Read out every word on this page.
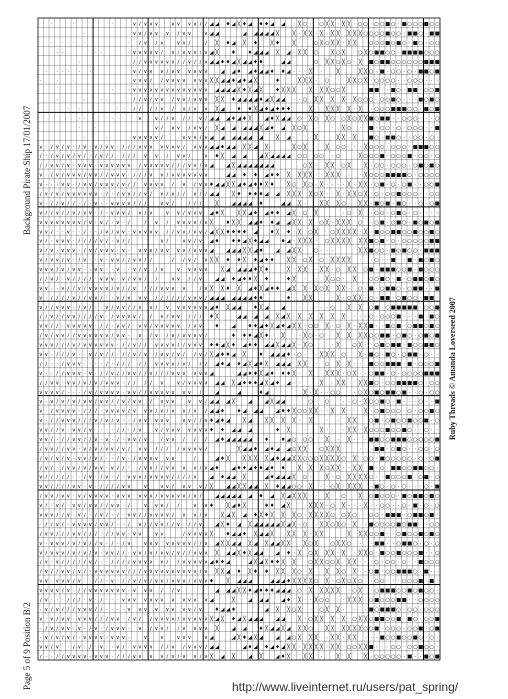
·	·	·	∨ ∕ ∨ ∨ ∨ ∨ ∨ ∨ ∨ ∕ ∕ ◢ ◢ ♦ ◢ ╳ ♦ ◢ ♦ ♦ ◢ ◢ · ╳ ○ · ○ ╳ ╳ · ╳ ╳ · ○ ○ · ○ ○ ■ ○ · ■ ○ ○ ○ ■ ○ ○
·	∨ ∨ ∕ ∨ ∨ ∨ ∕ ∨ ∨ ∨ ◢ ◢	◢ ◢ ◢ ◢ ◢ ╳	╳ · ╳ ╳ · ╳ · ╳ ╳ ╳ ╳ ╳ ○ ○ ○ ○ ■ ○ ○ · ■ ■ ○ · ■ ■
· · · · ·	· ∕ ∨ ∕ ∨ ∨ ∨ ∕	∕ ╳ ♦ ◢ ╳ ♦ ╳ ♦ ╳ · · ○ ╳ ○ ╳ ╳ · ╳ ╳ · ○ ○ ○ ■ ○ ■ ○ · ■ ○ · ○ ○
· ·	· ·	· ∨ ∨ ∨ ∨ ∨ ∕ ∨ ∕ ∨ ∨ ∨ ∕ ∨ ◢ ╳ ♦ ♦ ◢ ◢ ◢ ╳ ◢ · ╳ ╳ ○ ╳ ○ ╳ ○ ╳ ○ ■ ■ ○ ○ · ■ ■ ■ ■ ○ ○ ○
·	·	∕ ∕ ∨ ∨ ∨ ∨ ∨ ∨ ∕ ∕ ∨ ∕ ∕ ∨ ◢ ◢ ♦ ♦ ◢ ╳ ◢ ◢ ♦ ♦	◢ ◢	○ ╳ ╳ ○ ╳ ○ · ╳ ■ ○ ■ ■ ○ ○ ○ ○ ○ ○ ■ ■ ■
· · · · · ·	∨ ∕ ∨ ∨ ∨ ∕ ∨ ∨ ∨ ∨ ∨ ∨ ◢ ◢ ♦ ◢ ♦ ◢ ◢ ♦ ♦ ◢ · · · ╳ ·	╳	╳ ╳ ○ · ■ · ○ ○ · ○ · ■ ■ ○ ■
·	·	·	∨ ∨ ∨ ∕ ∕ ∨ ∨ ∨ ∨ ∨ ∨ ∨ ╳ ╳ ◢ ◢ ♦ ◢ ♦ ◢ ╳	♦	╳ ╳ ╳ · ○	╳ ╳ ○ ╳ · ○ ○ ○ ○ · · ○ ○ ○ · · ·
·	· ∨ ∨ ∨ ∨ ∨ ∨ ∨ ∨ ∨ ∨ ∨ ∨ ∨ ∨ ◢ ◢ ◢ ◢ ╳ ♦ ╳ ◢ ╳ ♦ ╳ ╳ ╳ · ╳ · ╳ ╳ ○ ○ ╳	· ■ ■ · · ■ ○ · ■ ■ · ○ ○ ■
·	·	· ·	∕ ∕ ∨ ∕ ∨ ∨ ∕ ∨ ∨ ∕ ∨ ∨ ∨ ╳ ╳ ♦ ◢ ◢ ◢ ◢ ♦ ◢ ╳ ◢ ◢ · · ○ ╳ ╳ ╳ ╳ · ╳ ○ ○ ○ · ○ ○ ■ ○ · · · ■ ○ ■ ○
· ·	· · ∕ ∕ ∕ ∕ ∨ ∕ ∨ ∕ ∨ ∨ ╳ ◢ ♦ ♦ ╳ ◢ ♦ ◢ ♦ ♦ ♦	╳	╳ ╳ ╳ ╳ · ╳ · ○ ○ ○ ■ ■ ■ ○ ○ · ■ ○ ■
· ·	·	∨ ∨ ∕ ∕ ∨ ∕ ∕ ∨ ∕ ◢ ◢ ◢ ♦ ◢ ♦ ╳ ◢ ♦ ╳ ◢ ◢ · ○ · ╳ ○ ╳ ○ ○ ╳ ○ ╳ ╳ ■ ○ ■ ■ · · ○ ○ ○ · · · ○
·	·	∨ ∕ ∨ ∨ ∕ ∨ ∨ ∕ ╳ ◢ ◢ ◢ ◢ ◢ ╳ ◢ ♦ ◢ ╳ ○ ╳ ·	· ╳ ○ · ■ · ○ ○ · ○ · ○ ○ ○ · · ■
·	·	∨ ∨ ∨ ∨ ∨ ∕	∨ ∨ ∨ ∕ ∨ ◢ ◢ ◢ ◢ ◢ ◢ ◢ ╳ ◢ ·	· ╳	╳ ╳ · ╳ ■ ○ · ■ ■ ○ · · ○ ○ · ○ ·
∨ · ∕ ∨ ∕ ∨ · ∕ ∨ · ∨ ∕ ∨ ∨ · ∕ ∕ ∕ ∨ ∨ ∨ ∨ ∨ ∨ ∨ ∕ ∨ ∨ ∨ ◢ ◢ ♦ ◢ ◢ ╳ ╳ ◢ ╳	╳ ○ ╳ · ╳ ○ ○ · · ╳ ○ ○ ○ · ○ ○ ○ · ■ ■ ■ ○ ○
∕ · ∕ ∨ ∕ ∨ ∕ ∨ ∕ · ∕ ∨ ∕ ∕ · ∕ ∕ ∕ ∨ ∨ ∕ ∨ ∨ ∕	∨ ♦ ╳ ◢ ◢ ◢ ╳ ◢ ◢ ◢ ◢ ○ ○ ○ ○ · ○	╳ ○ ○ ○ ■ · ○ ○ ○ ■ · ○ ○ · ○
∕ ∕ ∨ ∨ ∕ ∨ · ∨ ∨ ∨ · ∨ ∨ ∨ ∨ ∨ ∨ ∕ ∨ ∨ ∨ ∨ ∨ ∕ ∕ ∕ ∨ ∨ ∕ ∨ ◢ ◢ ╳ ◢ ◢ ◢ ◢ ◢ ◢ ◢	○ ╳ · ╳ ╳ ○ ╳	╳ · ○ ○ · ○ ○ ○ · ○ ■ ○ ■ ○
∨ · ∕ ∨ ∕ ∨ ∨ ∨ ∕ ∨ ∨ ∕ ∕ ∨ ∨ ∨ · ∕ ∕ ∕ ∨ ∨ ∕ ∨ ∨ ∨ ∨ ∨ ∨ ∨	◢ ◢ ♦ ♦ ◢ ♦ ♦ ╳ ╳ ╳ ╳ · · ╳ ╳ ╳ · · ╳ ○ ○ ○ ■ ■ ■ ■ ○ · ○ ○ ○ ○
∨ · · · ∨ ∨ · ∕ ∨ ∨ ∕ ∨ ∨ ∨ ∕ ∨ ∕ ∕ ∨ ∨ ∨ ∨ ∕ ∨ ∕ ∨ ∨ ♦ ◢ ◢ ╳ ╳ ◢ ♦ ◢ ♦ ♦ ╳ ♦ ╳ ○ ╳ ○ · ╳ · · · · ╳ · ╳ ╳ · ○ ■ · ○ · ○ ■ · · ○ ○ ■
∕ ∨ ∕ ∨ ∕ ∨ ∨ ∨ ∨ ∨ ∨ · ∕ · ∕ ∨ ∨ ∕ ∕ ∨ ∕ ∨ ∕ ∨ ∕ ∕ ∨ ∕ ∕ ◢ ◢ ╳ ♦ ♦ ♦ ♦ ◢ ◢ ╳ ╳ ╳ · ╳ ○ ╳ · · ╳ · ╳ ╳ ○ ╳ · ○ · ○ ○ ■ ○ ○ ○ · · ○ ○
∨ · ∕ ∕ ∨ ∕ ∕ · ∕ · ∨ · · ∨ ∨ ∨ ∨ ∕ ∕ ∕	∨ ∨ ∕	∕ ∕ ∕	╳ ◢ ◢ ◢ ◢ ♦	◢ ◢ ╳ ·	╳ ╳ ╳ ○ · ╳ ╳ · ■ ○ ■ · ■ ○ · · ○ · ○ ■
∨ ∕ ∕ ∨ ∕ ∕ ∨ ∕ ∨ ∨ · ∕ · ∨ ∨ ∨ ∕ ∨ ∕ ∨ ∨ ∨ ∕ ∨ ∨ ∨ ◢ ♦ ╳	╳ ╳ ◢ ♦ ◢ ♦ ♦ ◢ ╳ · ○ ╳	· ○ ╳ · ○ ○ · ○ ■ ○ · ○ · · · ·
∨ ∨ ∨ ∨ ∨ ∨ ∨ ∨ ∕ ∨ · ∨ ∕ · ∨ · ∕	∕ ∨ ∕ ∨ ∨ ∨ ∨ ∕ ∨ ╳ ♦ ╳ ╳ ◢ ◢ ♦ ♦ ◢ ◢ ╳ ╳ ╳ ○ ╳ · ╳ ╳ ╳ ○ · ○ ■ · ○ ■ ○ · ■ ○ ■ ○ ■
∨ ∨ ∕ · · ∨ · · ∕ · · ∕ ∨ ∕ ∨ ∨ · ∨ ∨ ∨ ∨ ∨ ∕ ∕ ∨ ∨ ∕ ∨ ∨ ∕ ◢ ╳ ╳ ♦ ♦ ♦ ♦ ◢ ♦ ╳ ♦ · ╳ ○ ╳ ○ ╳ ╳ ╳ ╳ · ╳ · ■ ○ ○ ■ ■ ○ ○ ■ ○ ○ ■ ○
∨ ∕ · ∨ ∨ ∨ · ∕ ∕ ∕ ∕ ∨ ∕ · ∨ ∕ ∕	∨ ∕	∨ ∨ ∕ ∨ ◢ ♦ ♦ ♦ ◢ ╳ ♦ ◢ ◢ ♦ ◢ · ╳ ╳ ╳ · ○ ╳ ╳ ╳ ╳ ╳ ╳ ■ ○ ■ · ○ · ○ ○ ○ ○ ○ ■ ■
∨ ∕ ∨ · ∨ ∨ ∨ · ∕ ∨ ∕ ∨ ∨ ∨ · ∨ · ∨ ∨ ∨ ∕ ∨ ∨ ∨ ∨ ∕ ∨ ∨ ∨ ◢ ◢ ◢ ◢ ╳ ╳ ◢ ♦ ◢ ◢ ╳ ╳ ○ · · ·	╳ ╳ ■ ○ ○ · ■ ○ ■ ○ ○ · ■ ■ ■
∨ ∕ ∨ ∨ ∕ ∨ · ∕ ∨ · · ∨ · ∨ ∨ ∕ ∕ ∨ ∨ ∕ ∕	∕ ∕ ∨ ∕ ∨ ╳ ╳ ♦ ♦ ╳ ♦ ◢ ♦ ♦ ╳ ╳ · ○ ╳ ○ · ╳ ╳ ╳ ╳ · · ○ · · ■ · · ■ · ■ ○ ■ ○
∨ ∨ ∨ ∕ ∨ ∕ ∨ ∨ · · ∨ ∨ · · ∨ · · ∨ ∕ ∨ ∕ ∨ ∨ ∨ ∨ ∨ ∨ ╳ ◢ ◢ ◢ ◢ ♦ ╳ ♦	╳ · ╳ ╳ · ╳ ╳ · ○ ╳ ╳ ○ ■ · ■ ■ ■ ○ ○ ■ · ■ ○ ○ ○
∕ ∕ ∨ ∕ · ∨ ∕ ∕ ∕ ∕ · ∨ ∨ ∨ · ∨ ∕ ∨ ∨ ∕ ∕	∨ ∨ ∕ ∕ ∨ ◢ ◢ ♦ ◢ ♦ ♦ ╳ ♦	♦ ╳ · · ╳ ○ ○ · ╳ ○ ○ ■ ○ · ■ · ○ ■ ■ ○ ■ ○
∨ ∨ · · ∨ ∕ ∕ ∨ ∕ ∨ ∨ ∨ ∨ ∕ ∨ ∕ ∕ ∨ ∕ ∕ ∕ ∨ ∨ ∨ ∨	∕ ∨ ╳ ╳ ♦ ╳ ◢ ♦ ╳ ◢ ♦ ♦ ◢ ╳ ╳ · ╳ ○ ╳ ╳ ╳ · ○ · ■ · ○ ■ ■ ○ · ○ ■ ■ · · ■
∨ · ∕ ∕ ∕ ∕ ∨ ∕ ∕ ∨ ∨ ∕ · · ∨ ∕ ∨ ∨ ∨ ∕ ∕ ∕ ∕ ∕ ∕ ∨ ∨ ∨ ∕ ◢ ◢ ◢ ◢ ◢ ◢ ◢ ♦ ♦	♦ ╳ ╳ · · ╳ · ○ ╳ ╳ · ○ · ■ ■ · ○ ■ ○ ○ · ■ ■ ·
∨ ∕ ∕ ∨ ∨ ∨ · ∕ ∨ ∕ · · ∨ ∕ ∨ ∨ ∕ ∕ ∨ ∨ ∕ ∨ ∨ ∨ ∨ ∨ ∨ ∨ ◢ ♦ ╳ ◢ ◢ ♦ ╳ ◢ ◢ · · · · · · ○ ╳ ╳ ○ ■ · ○ ■ ■ ■ ■ ■ · ○ ○ ■
∕ ∕ ∨ ∕ ∕ ∨ ∨ ∕ ∕ ∕ ∕ ∨ · ∕ ∨ ∨ ∨ ∨ ∕ ∕ ∨ ∕ ∨ ∨ ∕ ∕ ∕ ♦ ╳	◢ ◢ ◢ ◢ ╳ ◢ ╳ · ╳ ╳ ╳ ╳ ╳ · · · ○ · ○ ○ ○ ■ · · · ■ · ■ ○
∨ ∨ ∕ ∕ · ∨ ∨ ∨ ∨ ∨ · ∕ ∕ · ∨ ∨ ∕ ∨ ∨ ∕ ∨ ∨ ∨ ∨ ∨ ∕ ∨ ∨ ♦ ◢ ♦ ♦ ◢ ♦ ╳ ◢ ♦ ◢ ╳ ╳ · ○ ○ ╳ · ○ ╳ · ╳ ╳ ■ · · ■ ○ ■ · ○ ■ ■ ○ ■ ○
∕ ∨ ∕ ∨ ∨ ∕ ∕ ∨ ∨ ∨ ∨ ∨ ∨ ∕ ∨ ∨ · ∨ ∕ ∨ ∕ ∨ ∕ ∨ ∨ ∨ ∨ ∕	♦ ♦ ♦ ◢ ╳ ♦ ╳	· ╳ ○ · ○ ╳ ╳ ╳ ╳ ○ ○ ■ ■ · ○ ■ ○ · ○ ■ ○ ■
∨ ∨ ∨ ∕ ∕ ∕ ∨ ∕ ∨ ∨ ∨ ∨ ∨ ∨ · ∕ ∕ ∨ ∕ ∕ ∨ ∨ ∨ ∨ ∕ ∕ ∨ ∨ ∨ ♦ ♦ ◢ ╳ ♦ ◢ ♦ ♦ ◢ ◢ ╳ ◢ ◢ ╳ · ╳ ○	· ╳ ○ ╳ · · ○ ■ ○ ■ ■ · ■ ○ ○ ■ ■ ○
∨ ∨ · ∕ ∕ ∕ ∨ · · ∨ ∕ ∨ ∕ ∕ · ∕ ∕ ∨ ∕ ∨ ∕ ∨ ∨ ∕ ∨ ∕ ∕ ∨ ∕ ╳ ◢ ♦ ♦ ◢ ╳ ♦ ◢ ◢ ◢ ♦ · ○ · · ╳ ╳ ╳ ○ ╳ · ■ ○ · ■ ○ · ○ ■ ■ · ○ · ·
∕ ∕ · · ∕ ∨ ∨ ∨ · · · · ∕ · ∕ ∕ ∕ ∕ ∕ ∨ ∨ ∨ ∨ ∕ ∨ ∕ ∕ ∕ ◢ ♦ ◢ ♦ ◢ ╳ ◢ ♦ ╳ ◢ ◢ ◢ ╳ ╳ · ○ ╳ ╳ · · ■ ○ ○ ■ ■ ■ · ■ · ○ ○ ○ ■
∨ · · ∕ ∕ ∨ ∨ ∨ · ∨ · ∕ ∕ ∨ ∕ ∕ ∨ ∨ ∕ ∕ ∨ ∕ ∕ ∕ ∨ ∨ ∨ ∨ ∨ ∨ ◢	◢ ◢ ♦ ♦ ╳ ◢ ♦ ♦ ♦ ╳ · ╳	╳ ╳ ╳ · ○ ╳ · · ○ ■ ■ · ○ · ○ ○ ○ ○ ■ ■ ■
∕ ∕ ∨ ∨ · ∨ ∨ ∕ ∨ ∕ ∨ ∕ ∨ ∨ ∨ · ∕ ∕ ∕ ∕ ∨ ∨ ∕ ∨ ∨ ∨ ∨ ◢ ◢ ╳ ◢ ♦ ♦ ♦ ◢ ╳ ◢ ♦ ◢ · ·	╳ · ╳ ╳	╳ ╳ ■ ○ · ○ ○ ■ ■ ■ ■ ○ · ○ ○
∨ ∨ ∨ ∨ ∕ · · · ∕ ∨ ∕ ∨ ∨ ∨ ∨ · ∨ ∨ ∕ ∕ ∨ ∨ ∨ ∨ ∨ ∨ ∨ ∕	◢	◢	♦ ◢	╳ · ╳ · · ○ ○	· ○ ╳ ○ ■ ○ ■ ■ ○ ■ · · ○ · ○ ○
∨ · ∨ ∕ ∨ ∕ ∨ ∕ ∨ ∨ ∕ ∨ ∨ ∕ ∕ ∨ ∕ ∨ ∨ ∕ ∨ ∨ ∨ ∨ ∨ ∕ ◢ ◢ ◢ ╳ ◢ ◢ ╳ ◢ ◢	· ○ · ○	· · ○ · ╳ ○ ○ ■ ○ · ■ · · · ○ · · ■
∨ · ∕ ∨ ∨ ∨ ∨ · ∕ ∕ ∕ · ∨ ∨ ∨ ∨ ∕ ∨ ∨ ∨ ∕ ∨ ∕ ∨ ∨ ∕ ∨ ∕ ◢ ◢ ♦ ♦ ◢ ◢ ◢ ◢ ♦ ♦ ╳ ○ ○ ╳ ╳ · · ╳ ╳ · · ╳ · ○ ■ ○ ○ ○ · ○ · ○ ○ ■ ○
∨ · ∕ ∕ ∨ ∨ ∨ ∕ ∕ ∕ ∨ ∕ ∨ ∕ ∨ · · ∕ ∨ ∨ ∨ ∨ ∨ ∨ ∨ ∕ ∕ ∨ ♦ ◢ ♦ ◢ ╳ ◢ ╳ ╳ ╳ ╳ · ╳	· · ╳ ╳ ○ ■ · ○ ■ ○ ○ ■ ○ ○ ■ · ○
∨ ∨ ∕ ∕ ∨ · ∨ ∨ ∕ ∨ · · · · ∕ ∕ · ∕ ∨ ∨ ∕ ∨ ∨ ∨ ∨ ∨ ∨ ∨ ♦ ♦ ◢ ◢ ◢	♦ ╳	·	╳ · · · ╳ ╳ ╳ ○ ○ ○ ■ ○ ○ ■ ○ · · ○ · ·
∨ ∨ ∕ · ∕ ∕ ∨ ∨ ∕ ∕ ∨ · ∨ · ∕ · ∨ ∨ ∕ ∨	∕ ∨ ∨ ∕ ∕ ∕ ◢ ♦ ◢ ◢ ◢ ◢ ◢ ♦ ♦ ◢ ○ ○ ○ ╳ · ╳ · · ■ ■ ○ ○ ■ ■ ■ ○ ○ ○ ○ ○ ■
∕ ∨ ∨ ∕ ∕ ∨ ∨ · ∨ ∕ ∨ ∕ ∨ ∨ ∕ ∨ ∕ ∨ ∨ ∕ ∕ ∕ ∕ ∨ ∨ ∨ ∨ ∕	╳ ◢ ◢ ♦ ◢ ♦ ◢ ◢ ○ ╳ ╳ ○ ╳ ╳ ╳	· · · ■ ■ · ○ ■ ○ · · ○ ○ · ○
∕ ∨ ∕ ∨ ∕ ∨ · ∨ ∨ ∕ ∨ ∕ · · ∕ ∨ · ∕ ∨ ∨ ∨ ∨ ∨ ∨	∕	◢ ♦ ╳	╳ ╳ ╳ ╳ ◢ ♦ ◢ ◢ ╳ ╳ ○ ○ ○ ╳ ╳ ╳ ╳ ○ ╳ ○ ○ · ■ ○ ○ ○ ○ ○ · ○ · ○ ■
∕ ∨ ∕ · ∕ ∨ ∨ ∕ ∨ ∕ ∨ ∨ · ∨ ∕ ∕ · ∕ ∨ ∨ ∕ ∕ ∨ ∨ ∨ ∨ ∕ ∨ ◢ ♦ ◢ ♦ ♦ ◢ ♦ ♦ ◢ ♦ ♦ ╳ ╳ ╳ ○ ╳ ╳ · · ╳ ╳ ■ · ○ · ■ ■ ○ ○ ■ ■ ○ ○ ·
∨ ∕ ∕ ∕ ∕ ∕ · · ∕ ∨ · ∕ ∨ · ∕ · ∨ ∨ ∨ ∕ ∨ ∨ ∨ ∨ ∕ ∕ ∕ ∕ ∨ ◢ ♦ ◢ ◢ ╳	◢ ♦ ◢ ◢ ◢ ╳ ○ ·	╳ · ○ · ╳ ╳ ╳ ╳ ○ · · ■ ○ ○ ○ ■ · ○ ■ · ○
∨ ∨ ∕ ∕ ∕ ∕ ∨ ∨ · ∨ · ∕ ∕ ∕ ∕ ∨ ∨ ∨ ∨ ∨ ∕ ∨ ∨ ∨ ∕ ╳ ◢ ◢ ╳ ╳ ◢ ◢ ╳ ♦ ◢ ◢ ○ ○ · ╳ · · ○ ╳ · ╳ ╳ ╳ · ■ ○ · ○ · ○ · · · ○ · ■
∕ ∨ ∨ ∕ ∨ ∨ · ∨ ∕ ∨ ∨ ∨ ∨ · ∨ ∨ ∨ ∨ ∨ ∨ ∕ ∨ ∨ ∨ ∨ ∨ ∕ ∨ ∕	◢ ◢ ◢ ◢ ◢ ◢ ♦ ◢ ╳ ◢ ╳ ╳ ╳ · · ╳ · ○ ╳ ○ ■ ○ ○ ○ · ■ ○ ■ ■ ○ ■ ○
∨ ∕ · ∨ ∕ · ∨ ∨ ∕ ∨ ∨ ∕ ∕ ∨ ∨ · ∕	∨ ∨ ∨ ∕ ∕	∨ ∨ ♦ ╳ ◢ ♦ ╳	♦ ♦ ◢ ╳	╳ ╳ ╳ · ○ ╳ · · · ╳ · · ○ ○ · · ○ · ■ · ○ · ○
∨ ∨ ∨ ∕ ∕ ∨ · ∨ ∕ · ∕ ∨ ∕ · ∕ · ∨ ∨ ∕ ∕ ∨ ∨ ∨ ∨ ∕ ∨ ∨ ∕ ∨ ╳ ◢ ╳ ◢ ♦ ╳ ♦ ╳ ╳ ╳ ○ · ╳ ╳ ╳ ╳ ○ ○ ╳ ○ · ○ ○ · ■ ■ ■ · ○ ■ ■ ○ ■ ·
· ∕ ∕ ∨ ∕ · ∨ ∨ ∨ ∨ ∕ ∨ ∨ ∕ · · ∕ ∨ ∕ ∕ ∨ ∨ ∕ ∕ ∨ ∕ ∕ ∨ ◢ ╳ ♦ ◢ ╳ ◢ ◢ ◢ ◢ ◢ ╳ ◢ ╳ · ○ · ╳ ╳ ○ ╳ ○ · ╳ · ■ ○ ○ ○ ○ ■ ○ ■ ■ · · ○ ○
∕ ∨ ∨ ∕ ∕ ∕ ∨ ∨ ∕ ∕ ∕ · ∕ ∕ ∨ ∨ · ∨ ∨ ∨ ∨	∕ ∨ ∨ ∨ ∨ ╳ ♦ ◢ ◢ ♦ ╳ ◢ ◢ ╳	╳ ╳ ╳ · ╳ ╳	╳ ╳ ╳ ○ ○ ■ · · ○ ■ ○ ○ ■ ○ ■ ○
∨ · ∨ ∨ ∨ ∕ ∨ ∕ ∨ ∕ ∕ ∨ · ∕ · ∕ ∨ ∨ ∨ ∨ ∨ ∨ ∨ ∨ ∨ ∕ ∕ ∨ ◢ ╳ ╳ ◢ ◢ ╳ ◢ ╳ ◢ ◢ ╳ ╳	╳ ○ ╳ ○ ╳ ╳ ○ · · ■ ■ · · ○ ■ ■ ○ · ○ · ○
∨ ∕ ∨ ∨ ∨ ∕ ∨ ∕ ∨ ∕ ∨ · ∨ ∨ ∕ ∕ · ∨ ∨ ∕ ∨ ∕ ∨ ∨ ∕ ∨ ∕ ∕ ∨ ∨ ∨ ╳ ◢ ◢ ╳ ♦ ╳ ◢ ◢ ◢ ♦ · ╳ ○ ╳ ╳ ╳ · ╳ · ╳ ╳ ○ · ■ ○ ○ ■ ○ ○ ○ ■ · · ○
∕ ∨ · ∨ ∕ ∕ ∕ ∕ ∕ ∨ ∕ · · ∕ ∕ ∕ ∕ ∨ ∨ ∨ ∨ ∨ ∕ ∕ ∨ ∨ ∨ ∨ ∨ ◢ ♦ ♦ ◢	◢ ╳ ◢ ╳ ♦ ♦ ╳ ╳ ○ ╳ ╳ ○ ○ ╳ ╳ ╳ · · · ○ · ○ ○ · ○ · · ■ ○ ○ ○
∕ ∨ ∕ ∕ ∨ ∨ ∕ ∨ ∕ · ∨ ∨ ∨ ∨ ∨ ∨ ∕ ∕ ∕ ∨ ∨ ∨ ∨ ∨ ∨ ∨ ∨ ∨ ∨ ∕ ∨ ╳ ╳ ◢ ♦ ╳ ♦ ♦ ╳ ╳ ╳ ○ · ╳	╳ ╳ ○ ╳ · · ○ ■ · ○ ○ ■ ■ ■ ○ · ■ · ·
∨ ∨ · ∨ ∨ ∨ ∕ ∨ · · ∕ ∕ · ∨ · ∕ ∕ ∨ ∕ ∨ ∕ ∨ ∨ ∕ ∨ ∨ ∨ ∕ ∨ ∨ ∨ ♦ ╳ ◢ ◢ ◢	◢ ◢ ◢ ♦ ╳ ╳ ╳ ╳ ○ ╳ · ○ ╳ ○ ╳ ○ · ○ ○ · · · ○ ○ ○ ■ · ■ ·
∨ ∨ ∨ ∨ ∕ ∨ · ∕ ∕ ∨ ∨ ∨ ∨ ∨ ∨ ∨ · ∨ ∨ ∨ ∕ ∕ ∨	◢ ◢ ◢ ╳ ╳ ♦ ◢ ♦ ♦ ♦ ◢ ◢ ◢ · ○ · ╳ ╳ ╳ ╳ ╳ · ○ ╳ · ○ ■ ■ ■ ○ ○ ■ ○ ■ ○ ○ ·
∕ ∨ · · · ∕ ∕ ∕ · ∨ · ∕ · · · ∨ ∨ ∨ ∨ ∨ ∨ ∨ ∨ ∨ ∨ ∨ ∨ ◢	╳ ◢ ◢ ◢ ◢ ♦ ╳ · · ╳ ○ ○ · · ╳ ╳ ╳ · ○ ■ ○ ○ ○ ■ ■ · · ○ ○ ○ ○
· ∨ ∕ ∨ ∕ ∕ ∕ ∨ ∨ ∨ ∕ ∕ · · · · ∨ ∨ ∨ ∨ ∨ ∨ ∨ ∨ ∕ ∨ ♦ ◢ ◢ ♦	◢ ╳ ╳ ○ ╳ · ○ ╳ ╳ · · · ■ ○ ■ ■ ■ ○ · ○ ○ · ○ ○ ○
∨ · ∨ ∕ ∨ ∨ · ∨ ∨ ∨ ∕ ∕ ∕ ∨ ∨ · ∕ ∨ ∕ ∕ ∨ ∨ ∨ ∨ ∕ ∨ ∨ ∨ ∨ ∨ ╳ ◢ ╳ ♦ ◢ ╳ ◢ ◢ ◢ ◢ ◢ ╳ · ○ ╳ ╳ ╳ · ╳ · ○ ╳ ╳ ○ ■ ■ ○ ○ ■ · ■ ○ · ○ ○ ■
· ∕ ∨ ∕ ∨ ∨ · ∨ · ∕ ∨ · ∕ ∨ ∨ ∨ · ∨ ∕ ∨ ∨ ∕ ∕ ∨ ∨ ∨ ∨ ╳ ◢ ◢ ♦ ╳ ◢ ◢ ╳ ◢ ╳ ╳ ○ ╳ ╳ · ╳ ╳ ╳ ╳ ○ ○ ■ · ○ ○ ○ · ○ ○ ■ · ○ ■
· ∨ ∕ ∨ ∕ ∨ ∕ · ∨ ∨ ∨ ∨ · ∨ ∨ ∨ ·	∨ ∨ ∨ ∨ ∨ ∨ ◢	◢ ╳ ♦ ◢ ╳ ◢ ◢ ◢ ○ ╳ ╳ ╳ · ╳ ╳ · ╳ ╳ · · · ■ ○ ○ ■ ○ ○ ■ ○ · ○ ·
∨ ∨ ∕ ∨ · · ∕ ∨ · ∕ · ∨ · · ∨ ∕ · ∨ ∨ ∨ ∨ ∕ ∕ ∨ ∕ ∨ ∨ ∨ ∕ ◢ ◢	◢ ♦ ◢ ♦ ◢ ♦ ◢ ╳ ╳ · ╳ ╳ ╳ ╳ · ╳ ╳ ○ ○ ╳ ╳ ■ · · · ○ ○ · ○ ○ ■ ○ ○ ·
∕ · · ∕ ∕ ∨ ∨ ∨ ∨ · ∨ ∨ ∨ · ∕ ∕ ∕ ∨ ∨ ∨ ∨ ∕ ∨ ∕ ∨ ∨ ∕ ∨ ╳ ◢ ╳ ◢ ╳ ◢ ♦ ╳	╳ ╳ ·	╳ ╳	╳ · ○ ○ ○ ○ ○ · ■ · · ■ ○ ■
Background Pirate Ship 17/01/2007
Page 5 of 9 Position B/2
Ruby Threads © Amanda Loverseed 2007
http://www.liveinternet.ru/users/pat_spring/
